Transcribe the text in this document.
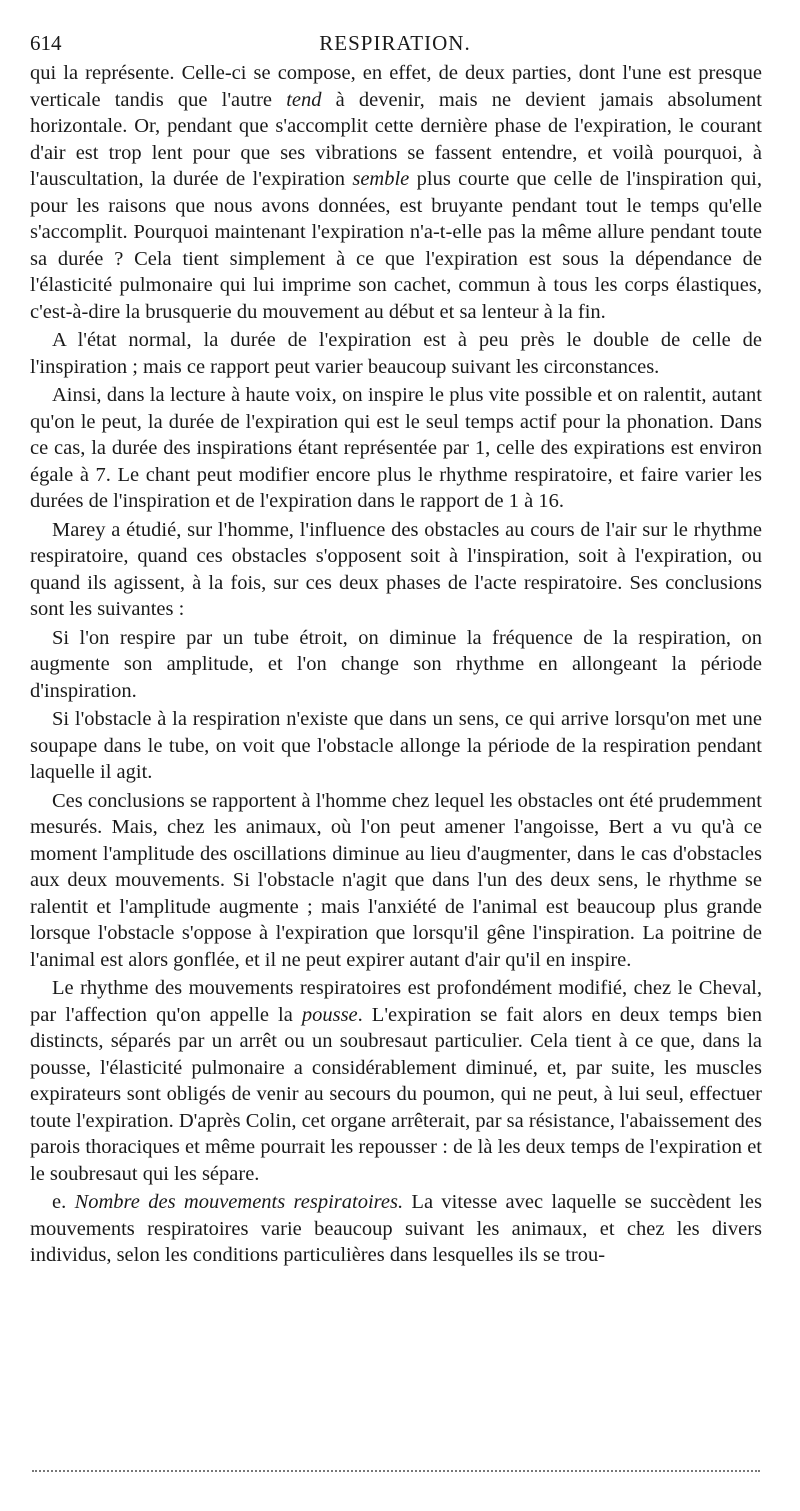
614	RESPIRATION.

qui la représente. Celle-ci se compose, en effet, de deux parties, dont l'une est presque verticale tandis que l'autre tend à devenir, mais ne devient jamais absolument horizontale. Or, pendant que s'accomplit cette dernière phase de l'expiration, le courant d'air est trop lent pour que ses vibrations se fassent entendre, et voilà pourquoi, à l'auscultation, la durée de l'expiration semble plus courte que celle de l'inspiration qui, pour les raisons que nous avons données, est bruyante pendant tout le temps qu'elle s'accomplit. Pourquoi maintenant l'expiration n'a-t-elle pas la même allure pendant toute sa durée ? Cela tient simplement à ce que l'expiration est sous la dépendance de l'élasticité pulmonaire qui lui imprime son cachet, commun à tous les corps élastiques, c'est-à-dire la brusquerie du mouvement au début et sa lenteur à la fin.

A l'état normal, la durée de l'expiration est à peu près le double de celle de l'inspiration ; mais ce rapport peut varier beaucoup suivant les circonstances.

Ainsi, dans la lecture à haute voix, on inspire le plus vite possible et on ralentit, autant qu'on le peut, la durée de l'expiration qui est le seul temps actif pour la phonation. Dans ce cas, la durée des inspirations étant représentée par 1, celle des expirations est environ égale à 7. Le chant peut modifier encore plus le rhythme respiratoire, et faire varier les durées de l'inspiration et de l'expiration dans le rapport de 1 à 16.

Marey a étudié, sur l'homme, l'influence des obstacles au cours de l'air sur le rhythme respiratoire, quand ces obstacles s'opposent soit à l'inspiration, soit à l'expiration, ou quand ils agissent, à la fois, sur ces deux phases de l'acte respiratoire. Ses conclusions sont les suivantes :

Si l'on respire par un tube étroit, on diminue la fréquence de la respiration, on augmente son amplitude, et l'on change son rhythme en allongeant la période d'inspiration.

Si l'obstacle à la respiration n'existe que dans un sens, ce qui arrive lorsqu'on met une soupape dans le tube, on voit que l'obstacle allonge la période de la respiration pendant laquelle il agit.

Ces conclusions se rapportent à l'homme chez lequel les obstacles ont été prudemment mesurés. Mais, chez les animaux, où l'on peut amener l'angoisse, Bert a vu qu'à ce moment l'amplitude des oscillations diminue au lieu d'augmenter, dans le cas d'obstacles aux deux mouvements. Si l'obstacle n'agit que dans l'un des deux sens, le rhythme se ralentit et l'amplitude augmente ; mais l'anxiété de l'animal est beaucoup plus grande lorsque l'obstacle s'oppose à l'expiration que lorsqu'il gêne l'inspiration. La poitrine de l'animal est alors gonflée, et il ne peut expirer autant d'air qu'il en inspire.

Le rhythme des mouvements respiratoires est profondément modifié, chez le Cheval, par l'affection qu'on appelle la pousse. L'expiration se fait alors en deux temps bien distincts, séparés par un arrêt ou un soubresaut particulier. Cela tient à ce que, dans la pousse, l'élasticité pulmonaire a considérablement diminué, et, par suite, les muscles expirateurs sont obligés de venir au secours du poumon, qui ne peut, à lui seul, effectuer toute l'expiration. D'après Colin, cet organe arrêterait, par sa résistance, l'abaissement des parois thoraciques et même pourrait les repousser : de là les deux temps de l'expiration et le soubresaut qui les sépare.

e. Nombre des mouvements respiratoires. La vitesse avec laquelle se succèdent les mouvements respiratoires varie beaucoup suivant les animaux, et chez les divers individus, selon les conditions particulières dans lesquelles ils se trou-
